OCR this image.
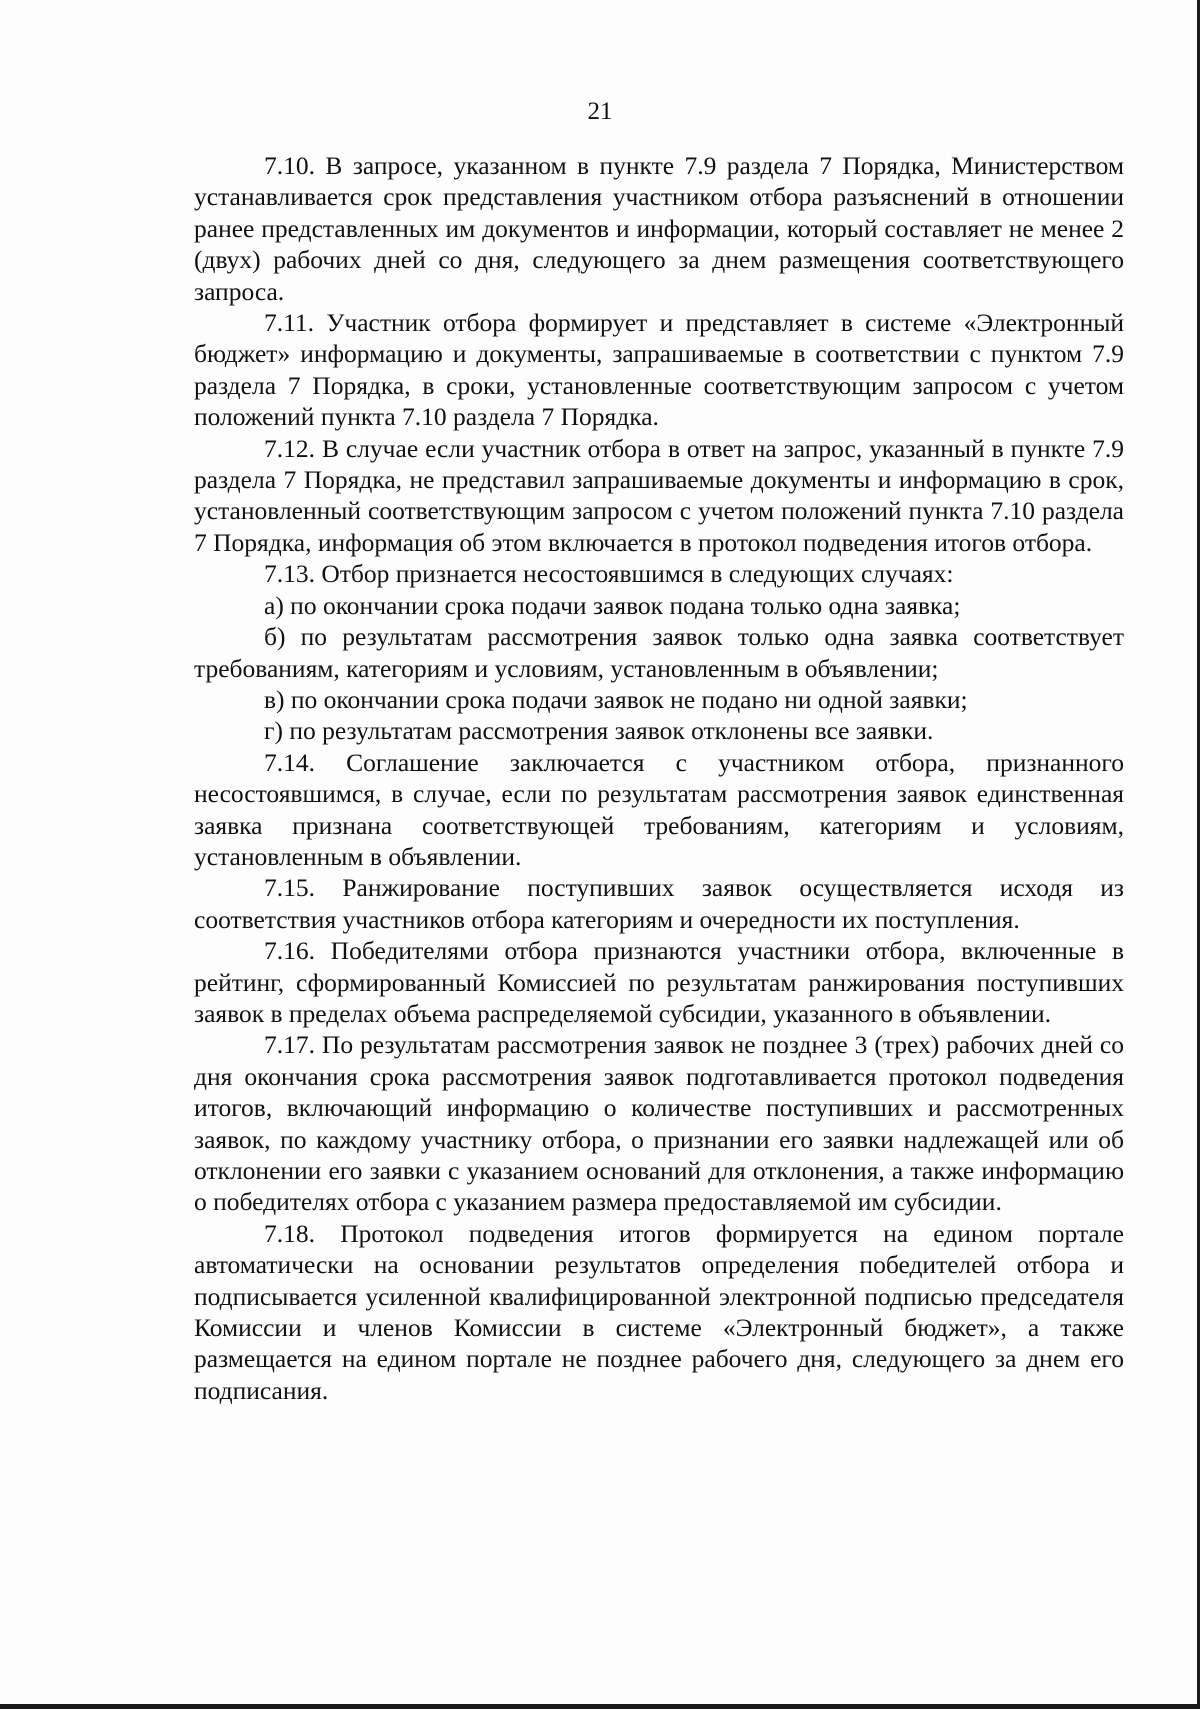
21

7.10. В запросе, указанном в пункте 7.9 раздела 7 Порядка, Министерством устанавливается срок представления участником отбора разъяснений в отношении ранее представленных им документов и информации, который составляет не менее 2 (двух) рабочих дней со дня, следующего за днем размещения соответствующего запроса.

7.11. Участник отбора формирует и представляет в системе «Электронный бюджет» информацию и документы, запрашиваемые в соответствии с пунктом 7.9 раздела 7 Порядка, в сроки, установленные соответствующим запросом с учетом положений пункта 7.10 раздела 7 Порядка.

7.12. В случае если участник отбора в ответ на запрос, указанный в пункте 7.9 раздела 7 Порядка, не представил запрашиваемые документы и информацию в срок, установленный соответствующим запросом с учетом положений пункта 7.10 раздела 7 Порядка, информация об этом включается в протокол подведения итогов отбора.

7.13. Отбор признается несостоявшимся в следующих случаях:

а) по окончании срока подачи заявок подана только одна заявка;

б) по результатам рассмотрения заявок только одна заявка соответствует требованиям, категориям и условиям, установленным в объявлении;

в) по окончании срока подачи заявок не подано ни одной заявки;

г) по результатам рассмотрения заявок отклонены все заявки.

7.14. Соглашение заключается с участником отбора, признанного несостоявшимся, в случае, если по результатам рассмотрения заявок единственная заявка признана соответствующей требованиям, категориям и условиям, установленным в объявлении.

7.15. Ранжирование поступивших заявок осуществляется исходя из соответствия участников отбора категориям и очередности их поступления.

7.16. Победителями отбора признаются участники отбора, включенные в рейтинг, сформированный Комиссией по результатам ранжирования поступивших заявок в пределах объема распределяемой субсидии, указанного в объявлении.

7.17. По результатам рассмотрения заявок не позднее 3 (трех) рабочих дней со дня окончания срока рассмотрения заявок подготавливается протокол подведения итогов, включающий информацию о количестве поступивших и рассмотренных заявок, по каждому участнику отбора, о признании его заявки надлежащей или об отклонении его заявки с указанием оснований для отклонения, а также информацию о победителях отбора с указанием размера предоставляемой им субсидии.

7.18. Протокол подведения итогов формируется на едином портале автоматически на основании результатов определения победителей отбора и подписывается усиленной квалифицированной электронной подписью председателя Комиссии и членов Комиссии в системе «Электронный бюджет», а также размещается на едином портале не позднее рабочего дня, следующего за днем его подписания.
